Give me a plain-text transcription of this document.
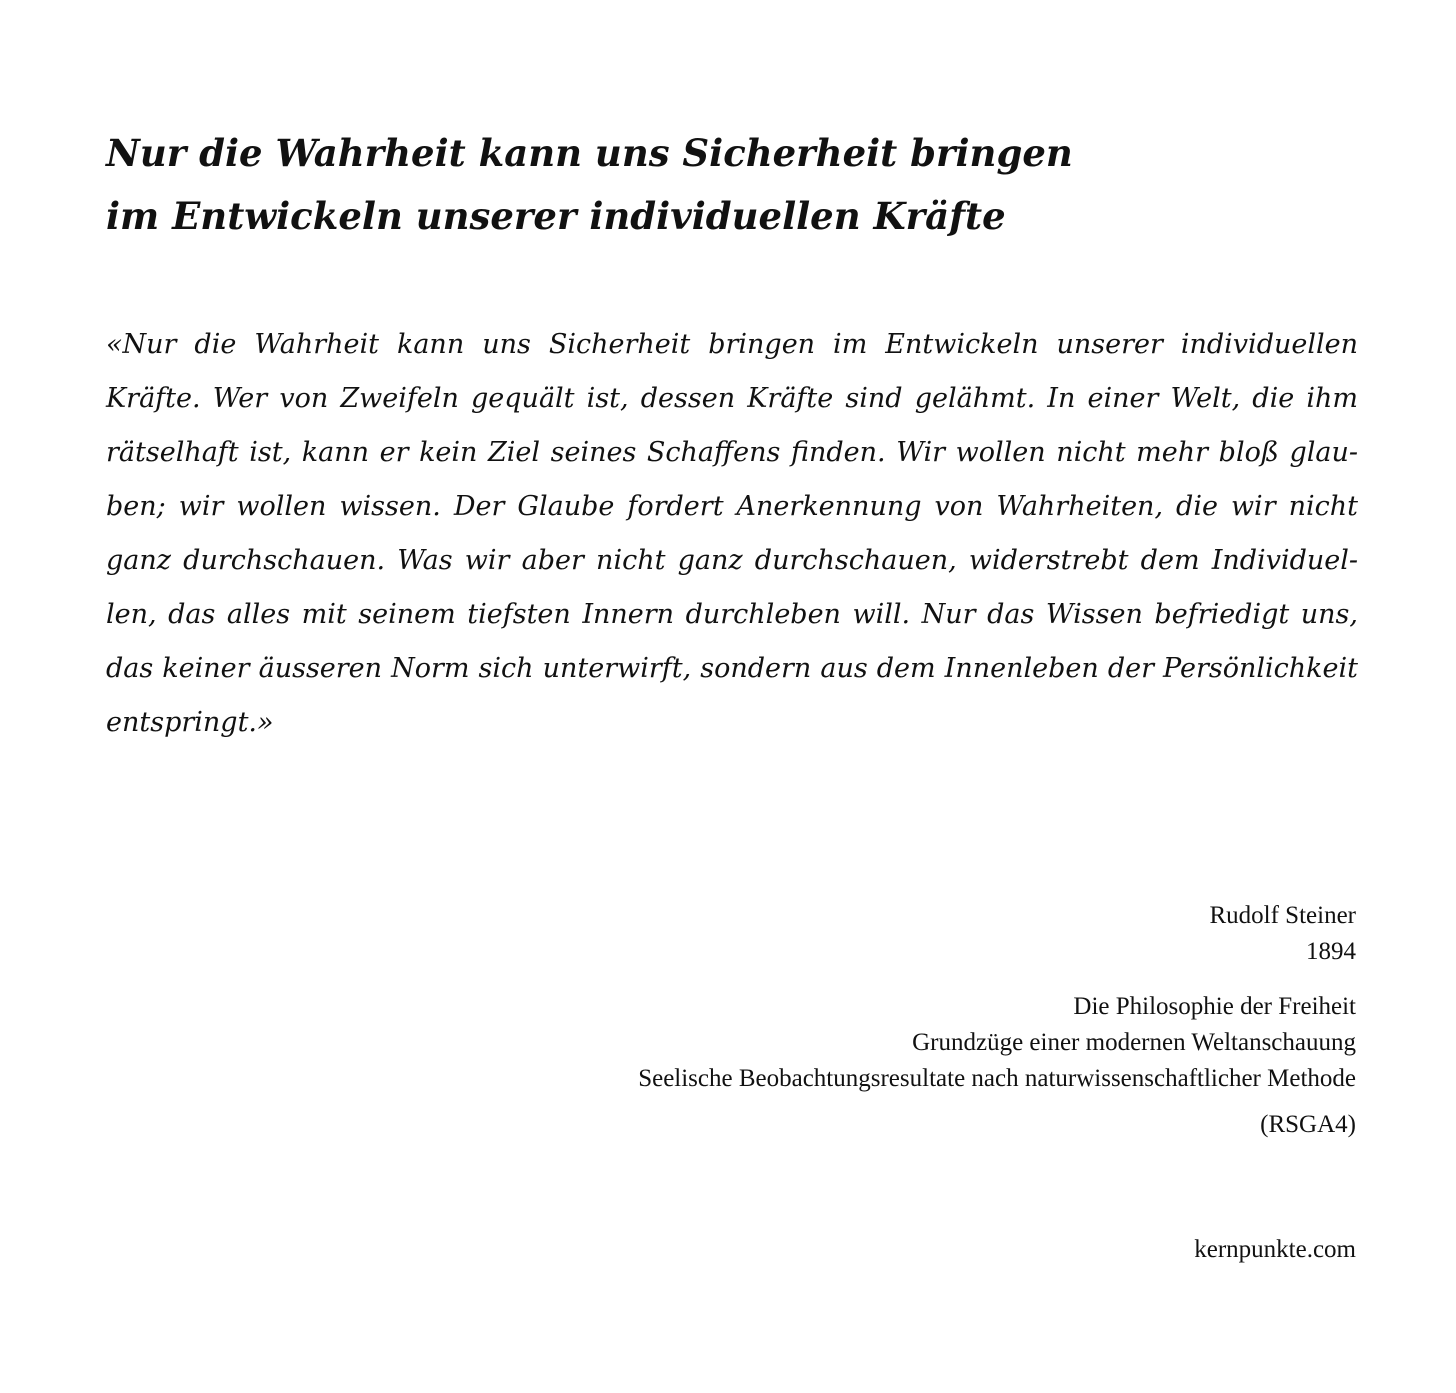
Nur die Wahrheit kann uns Sicherheit bringen
im Entwickeln unserer individuellen Kräfte
«Nur die Wahrheit kann uns Sicherheit bringen im Entwickeln unserer individuellen
Kräfte. Wer von Zweifeln gequält ist, dessen Kräfte sind gelähmt. In einer Welt, die ihm
rätselhaft ist, kann er kein Ziel seines Schaffens finden. Wir wollen nicht mehr bloß glau-
ben; wir wollen wissen. Der Glaube fordert Anerkennung von Wahrheiten, die wir nicht
ganz durchschauen. Was wir aber nicht ganz durchschauen, widerstrebt dem Individuel-
len, das alles mit seinem tiefsten Innern durchleben will. Nur das Wissen befriedigt uns,
das keiner äusseren Norm sich unterwirft, sondern aus dem Innenleben der Persönlichkeit
entspringt.»
Rudolf Steiner
1894
Die Philosophie der Freiheit
Grundzüge einer modernen Weltanschauung
Seelische Beobachtungsresultate nach naturwissenschaftlicher Methode
(RSGA4)
kernpunkte.com
